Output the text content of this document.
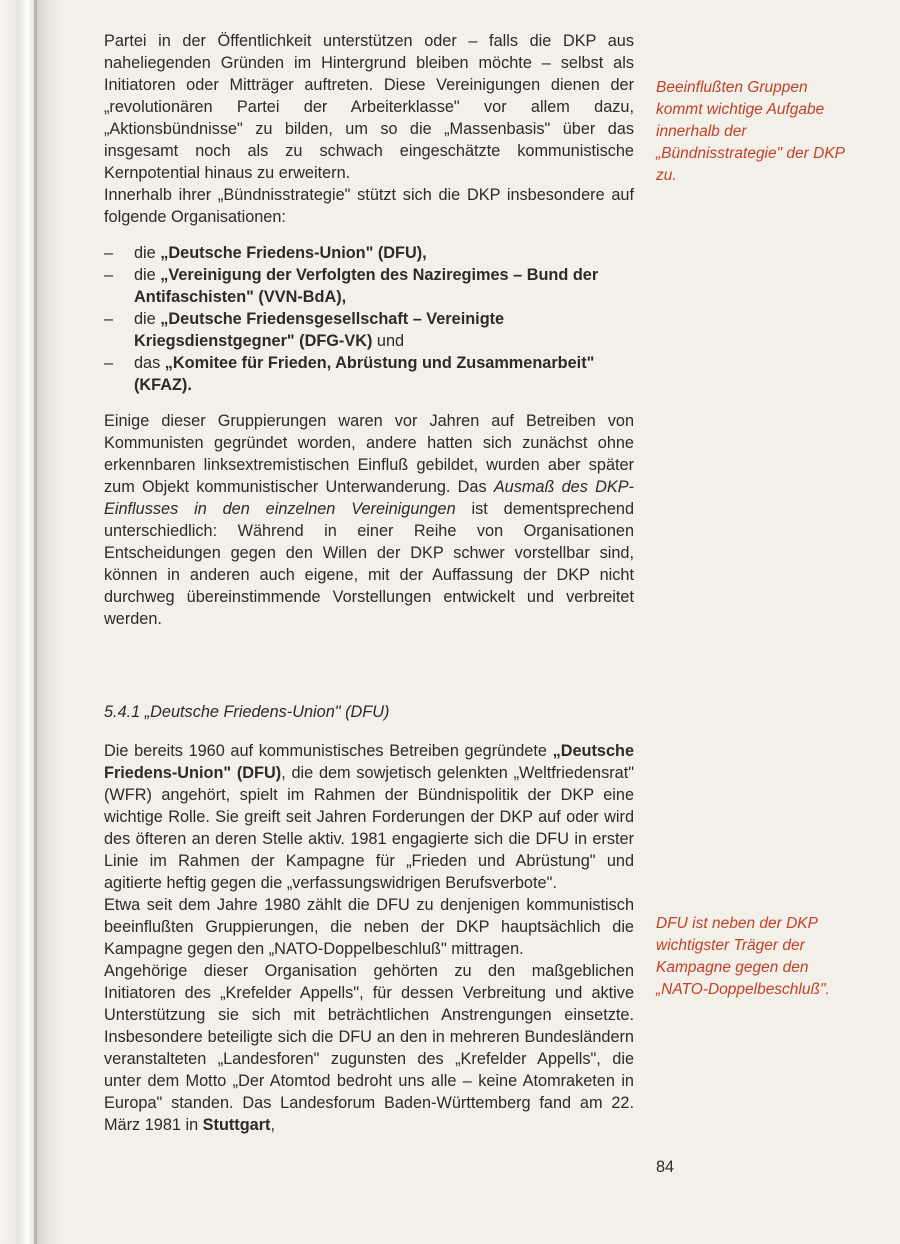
Partei in der Öffentlichkeit unterstützen oder – falls die DKP aus naheliegenden Gründen im Hintergrund bleiben möchte – selbst als Initiatoren oder Mitträger auftreten. Diese Vereinigungen dienen der „revolutionären Partei der Arbeiterklasse" vor allem dazu, „Aktionsbündnisse" zu bilden, um so die „Massenbasis" über das insgesamt noch als zu schwach eingeschätzte kommunistische Kernpotential hinaus zu erweitern.

Innerhalb ihrer „Bündnisstrategie" stützt sich die DKP insbesondere auf folgende Organisationen:

– die „Deutsche Friedens-Union" (DFU),
– die „Vereinigung der Verfolgten des Naziregimes – Bund der Antifaschisten" (VVN-BdA),
– die „Deutsche Friedensgesellschaft – Vereinigte Kriegsdienstgegner" (DFG-VK) und
– das „Komitee für Frieden, Abrüstung und Zusammenarbeit" (KFAZ).

Einige dieser Gruppierungen waren vor Jahren auf Betreiben von Kommunisten gegründet worden, andere hatten sich zunächst ohne erkennbaren linksextremistischen Einfluß gebildet, wurden aber später zum Objekt kommunistischer Unterwanderung. Das Ausmaß des DKP-Einflusses in den einzelnen Vereinigungen ist dementsprechend unterschiedlich: Während in einer Reihe von Organisationen Entscheidungen gegen den Willen der DKP schwer vorstellbar sind, können in anderen auch eigene, mit der Auffassung der DKP nicht durchweg übereinstimmende Vorstellungen entwickelt und verbreitet werden.

5.4.1 „Deutsche Friedens-Union" (DFU)

Die bereits 1960 auf kommunistisches Betreiben gegründete „Deutsche Friedens-Union" (DFU), die dem sowjetisch gelenkten „Weltfriedensrat" (WFR) angehört, spielt im Rahmen der Bündnispolitik der DKP eine wichtige Rolle. Sie greift seit Jahren Forderungen der DKP auf oder wird des öfteren an deren Stelle aktiv. 1981 engagierte sich die DFU in erster Linie im Rahmen der Kampagne für „Frieden und Abrüstung" und agitierte heftig gegen die „verfassungswidrigen Berufsverbote".

Etwa seit dem Jahre 1980 zählt die DFU zu denjenigen kommunistisch beeinflußten Gruppierungen, die neben der DKP hauptsächlich die Kampagne gegen den „NATO-Doppelbeschluß" mittragen.

Angehörige dieser Organisation gehörten zu den maßgeblichen Initiatoren des „Krefelder Appells", für dessen Verbreitung und aktive Unterstützung sie sich mit beträchtlichen Anstrengungen einsetzte. Insbesondere beteiligte sich die DFU an den in mehreren Bundesländern veranstalteten „Landesforen" zugunsten des „Krefelder Appells", die unter dem Motto „Der Atomtod bedroht uns alle – keine Atomraketen in Europa" standen. Das Landesforum Baden-Württemberg fand am 22. März 1981 in Stuttgart,

Beeinflußten Gruppen kommt wichtige Aufgabe innerhalb der „Bündnisstrategie" der DKP zu.
DFU ist neben der DKP wichtigster Träger der Kampagne gegen den „NATO-Doppelbeschluß".
84
